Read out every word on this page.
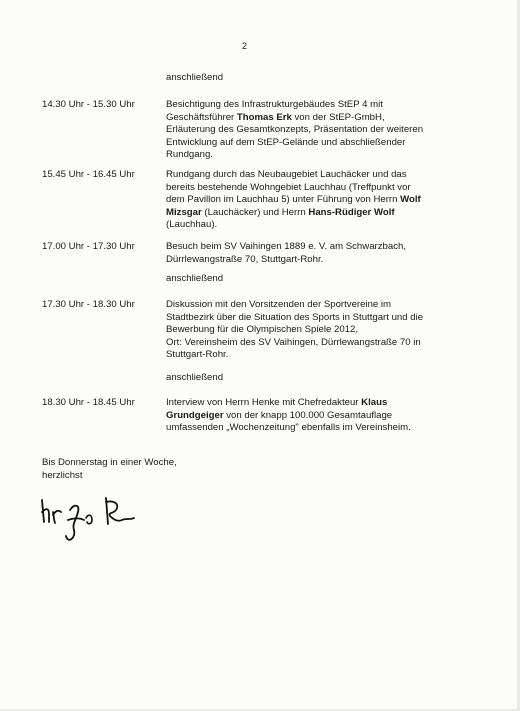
2
anschließend
14.30 Uhr - 15.30 Uhr	Besichtigung des Infrastrukturgebäudes StEP 4 mit
Geschäftsführer Thomas Erk von der StEP-GmbH,
Erläuterung des Gesamtkonzepts, Präsentation der weiteren
Entwicklung auf dem StEP-Gelände und abschließender
Rundgang.
15.45 Uhr - 16.45 Uhr	Rundgang durch das Neubaugebiet Lauchäcker und das
bereits bestehende Wohngebiet Lauchhau (Treffpunkt vor
dem Pavillon im Lauchhau 5) unter Führung von Herrn Wolf
Mizsgar (Lauchäcker) und Herrn Hans-Rüdiger Wolf
(Lauchhau).
17.00 Uhr - 17.30 Uhr	Besuch beim SV Vaihingen 1889 e. V. am Schwarzbach,
Dürrlewangstraße 70, Stuttgart-Rohr.
anschließend
17.30 Uhr - 18.30 Uhr	Diskussion mit den Vorsitzenden der Sportvereine im
Stadtbezirk über die Situation des Sports in Stuttgart und die
Bewerbung für die Olympischen Spiele 2012,
Ort: Vereinsheim des SV Vaihingen, Dürrlewangstraße 70 in
Stuttgart-Rohr.
anschließend
18.30 Uhr - 18.45 Uhr	Interview von Herrn Henke mit Chefredakteur Klaus
Grundgeiger von der knapp 100.000 Gesamtauflage
umfassenden „Wochenzeitung" ebenfalls im Vereinsheim.
Bis Donnerstag in einer Woche,
herzlichst
